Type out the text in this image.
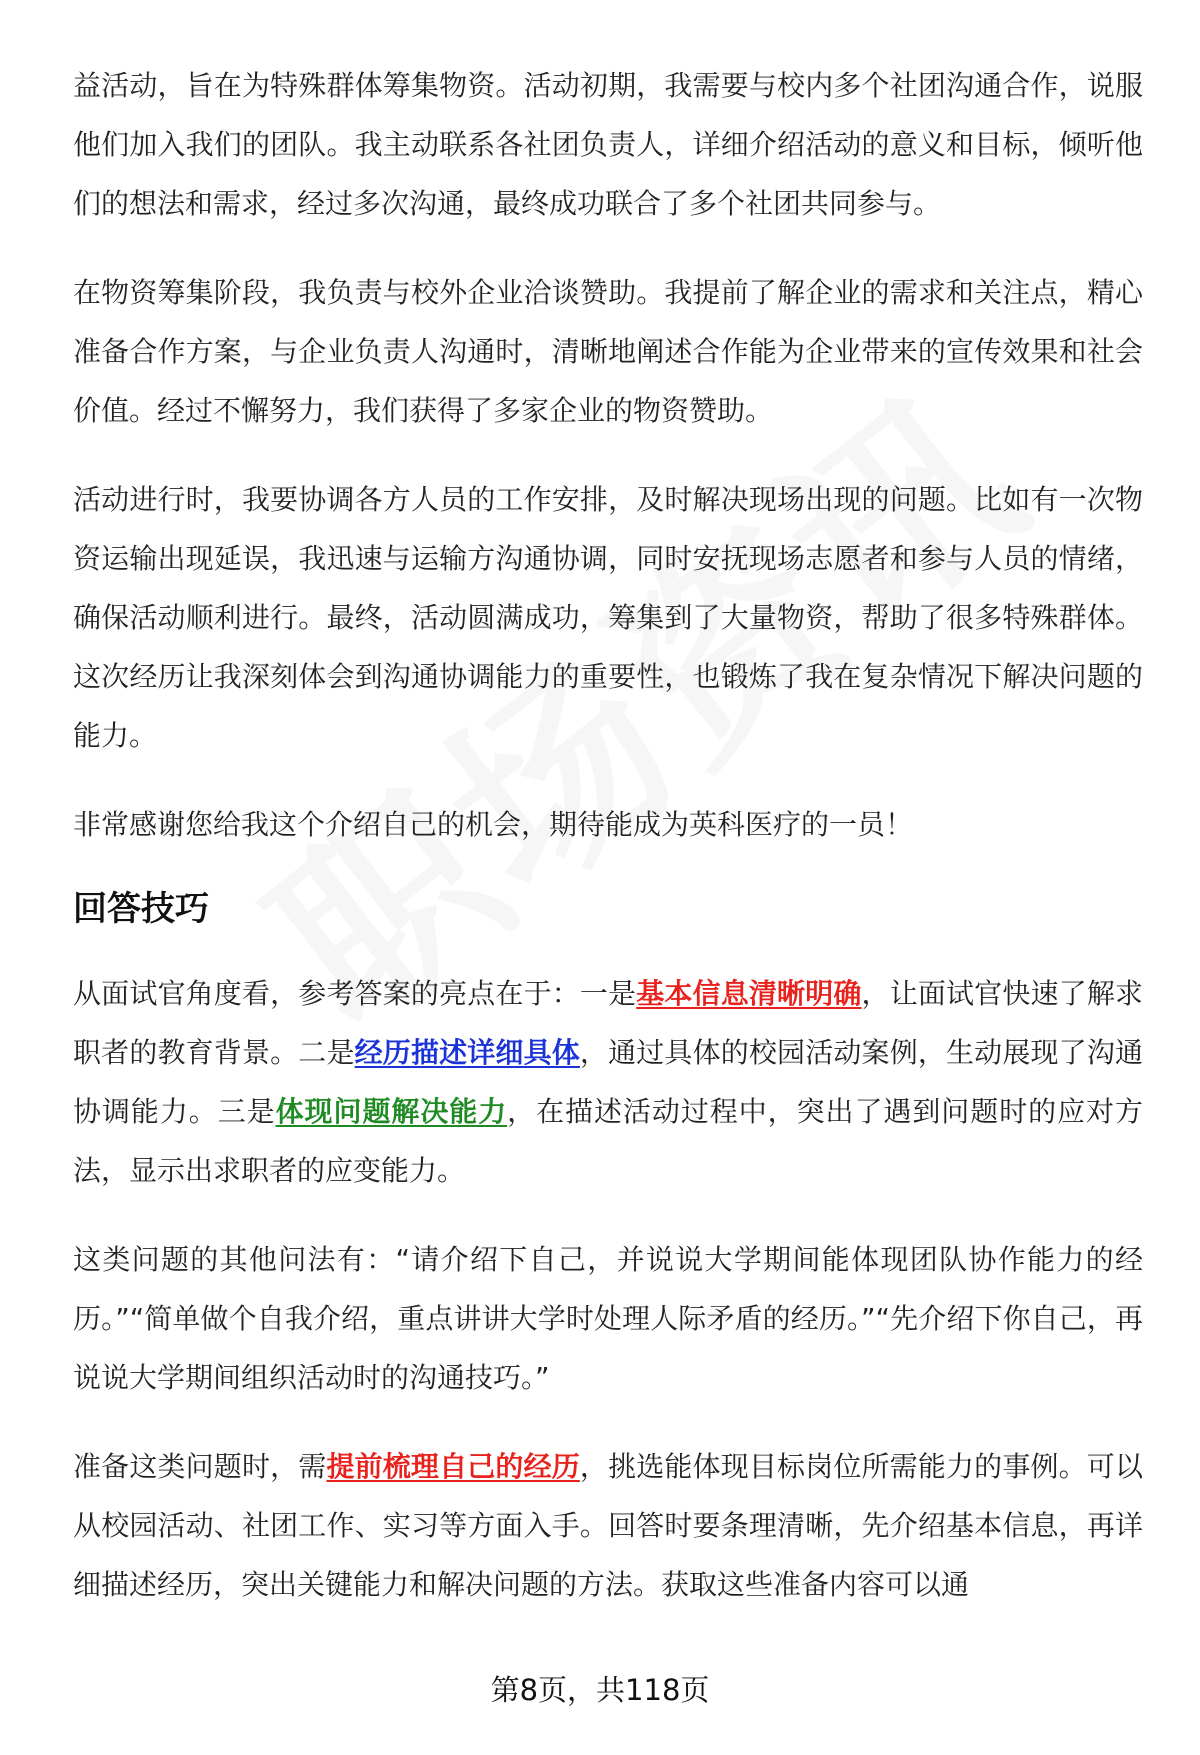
益活动，旨在为特殊群体筹集物资。活动初期，我需要与校内多个社团沟通合作，说服他们加入我们的团队。我主动联系各社团负责人，详细介绍活动的意义和目标，倾听他们的想法和需求，经过多次沟通，最终成功联合了多个社团共同参与。

在物资筹集阶段，我负责与校外企业洽谈赞助。我提前了解企业的需求和关注点，精心准备合作方案，与企业负责人沟通时，清晰地阐述合作能为企业带来的宣传效果和社会价值。经过不懈努力，我们获得了多家企业的物资赞助。

活动进行时，我要协调各方人员的工作安排，及时解决现场出现的问题。比如有一次物资运输出现延误，我迅速与运输方沟通协调，同时安抚现场志愿者和参与人员的情绪，确保活动顺利进行。最终，活动圆满成功，筹集到了大量物资，帮助了很多特殊群体。这次经历让我深刻体会到沟通协调能力的重要性，也锻炼了我在复杂情况下解决问题的能力。

非常感谢您给我这个介绍自己的机会，期待能成为英科医疗的一员！

回答技巧

从面试官角度看，参考答案的亮点在于：一是基本信息清晰明确，让面试官快速了解求职者的教育背景。二是经历描述详细具体，通过具体的校园活动案例，生动展现了沟通协调能力。三是体现问题解决能力，在描述活动过程中，突出了遇到问题时的应对方法，显示出求职者的应变能力。

这类问题的其他问法有：“请介绍下自己，并说说大学期间能体现团队协作能力的经历。”“简单做个自我介绍，重点讲讲大学时处理人际矛盾的经历。”“先介绍下你自己，再说说大学期间组织活动时的沟通技巧。”

准备这类问题时，需提前梳理自己的经历，挑选能体现目标岗位所需能力的事例。可以从校园活动、社团工作、实习等方面入手。回答时要条理清晰，先介绍基本信息，再详细描述经历，突出关键能力和解决问题的方法。获取这些准备内容可以通

第8页，共118页
